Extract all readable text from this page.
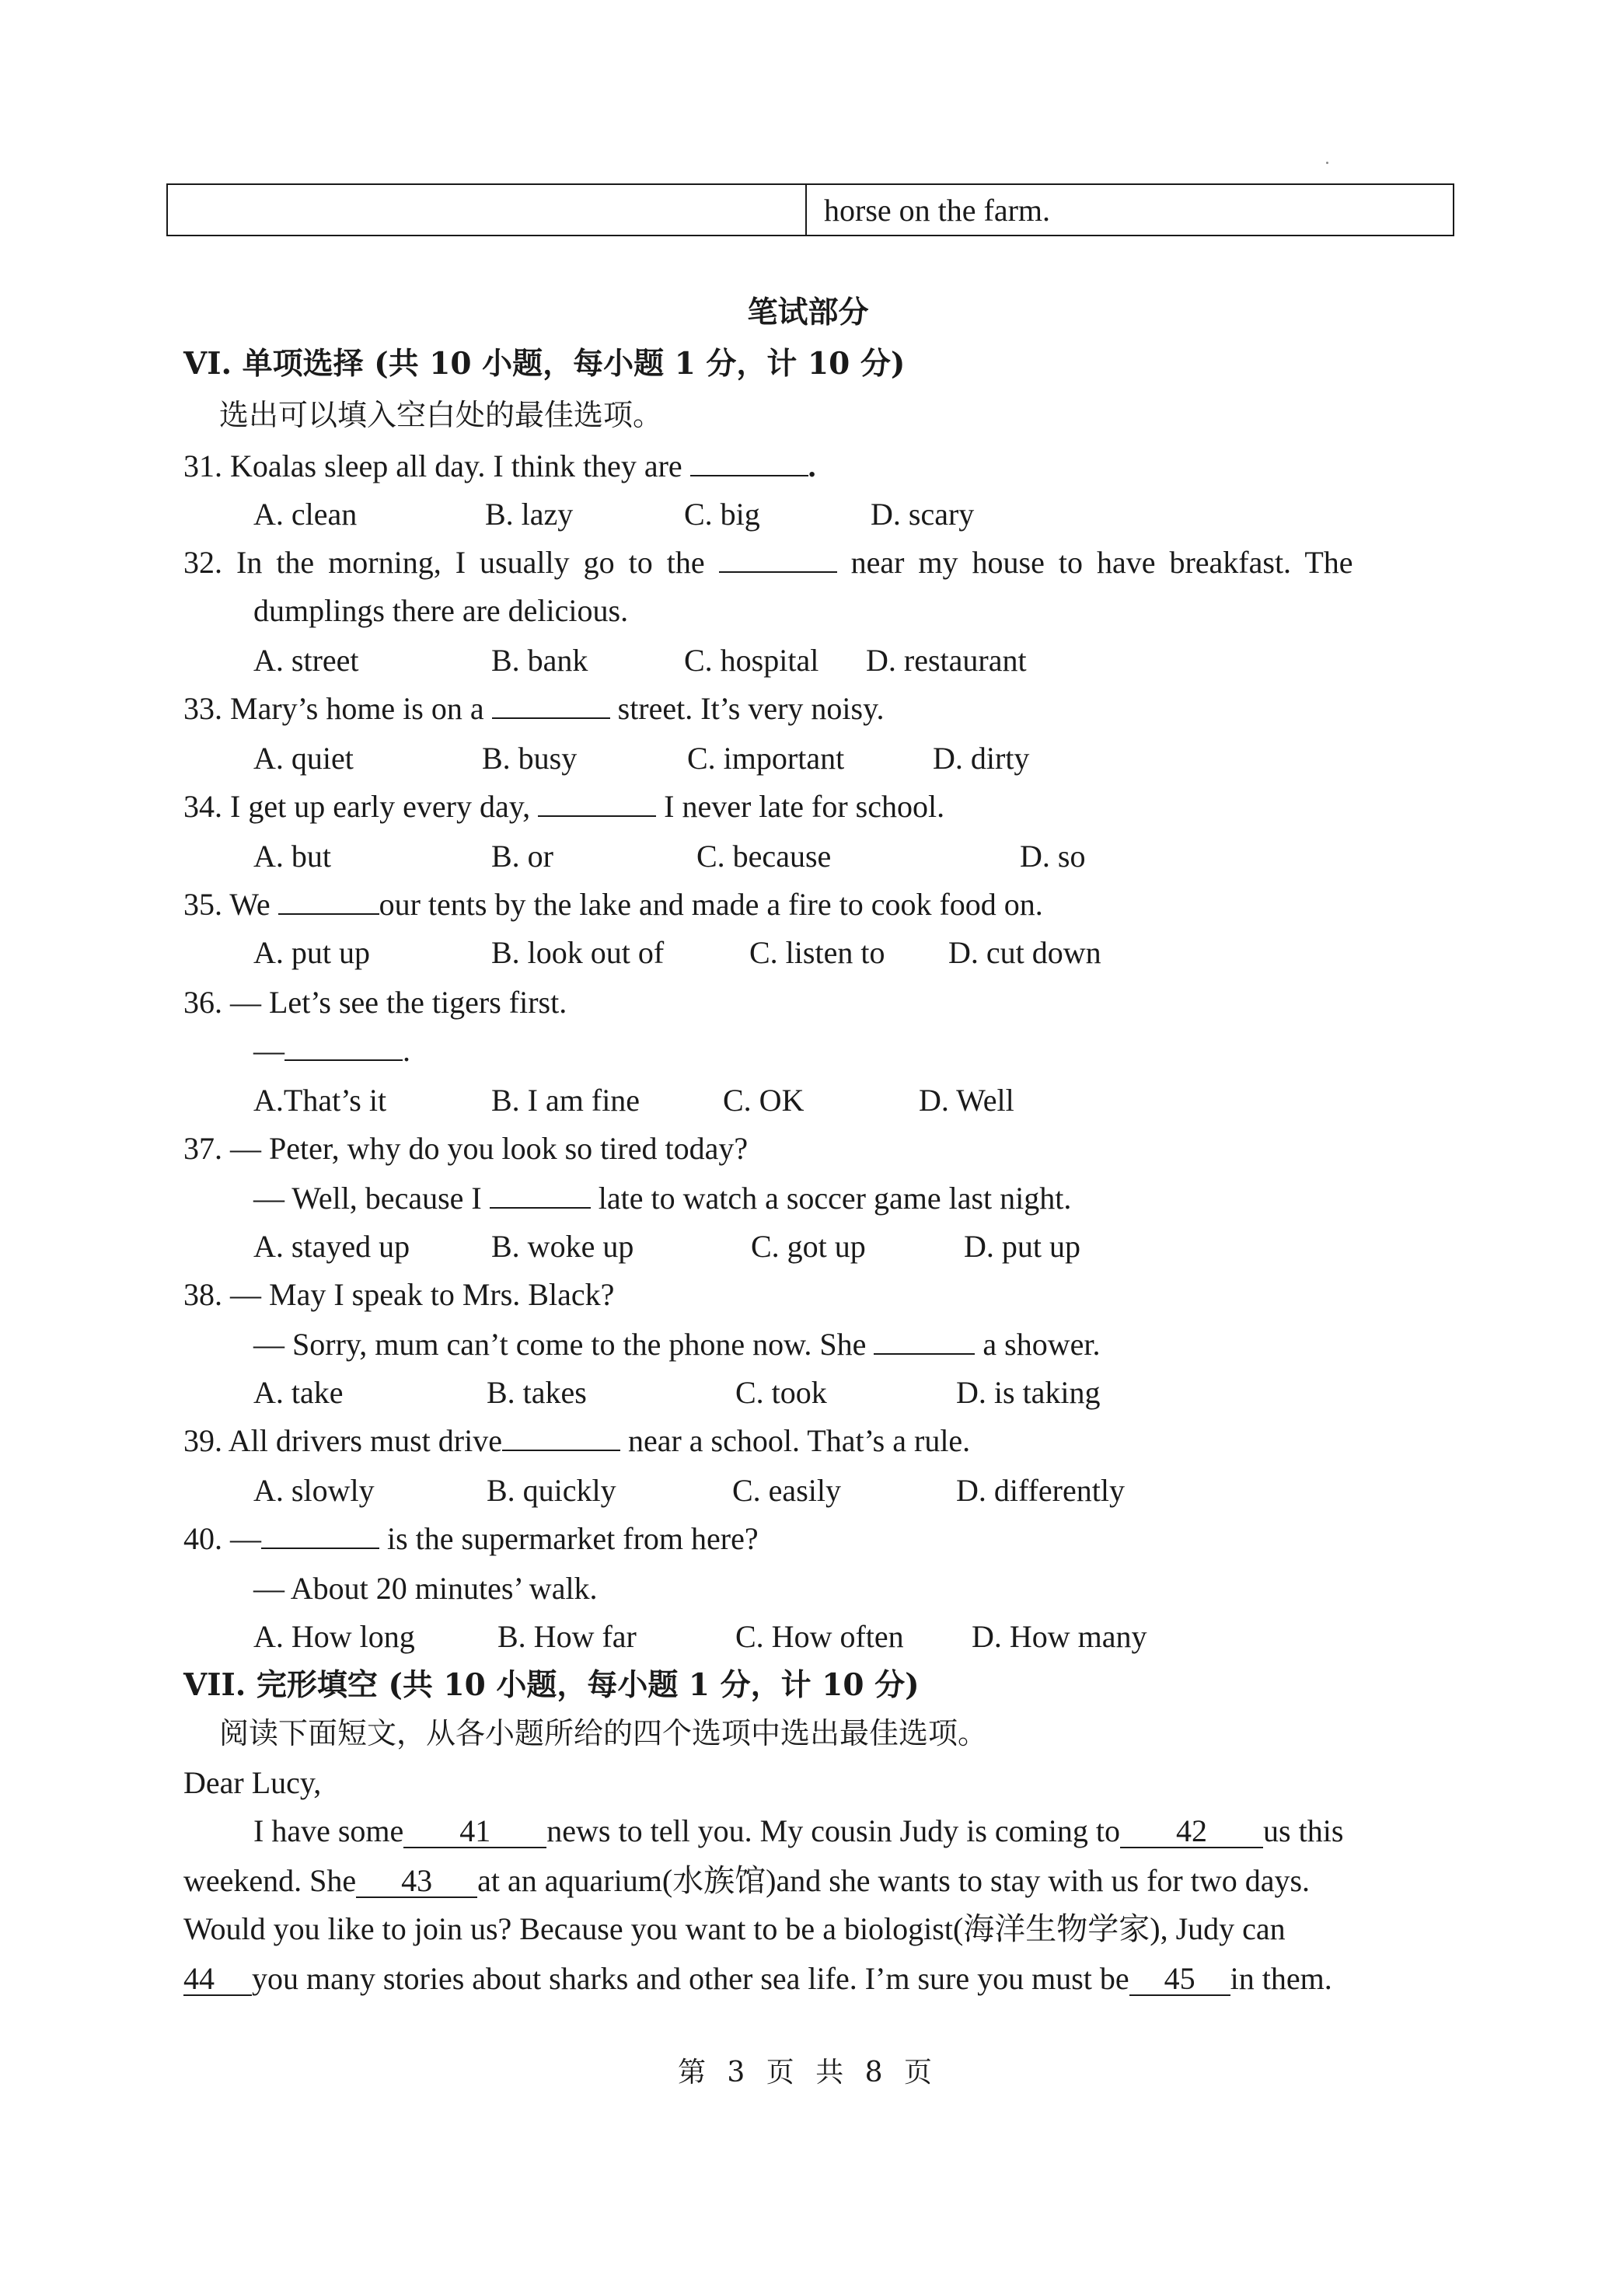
	horse on the farm.
笔试部分
VI. 单项选择 (共 10 小题，每小题 1 分，计 10 分)
选出可以填入空白处的最佳选项。
31. Koalas sleep all day. I think they are	.
A. clean	B. lazy	C. big	D. scary
32. In the morning, I usually go to the	near my house to have breakfast. The
dumplings there are delicious.
A. street	B. bank	C. hospital D. restaurant
33. Mary’s home is on a	street. It’s very noisy.
A. quiet	B. busy	C. important	D. dirty
34. I get up early every day,	I never late for school.
A. but	B. or	C. because	D. so
35. We	our tents by the lake and made a fire to cook food on.
A. put up	B. look out of	C. listen to D. cut down
36. — Let’s see the tigers first.
—	.
A.That’s it	B. I am fine	C. OK	D. Well
37. — Peter, why do you look so tired today?
— Well, because I	late to watch a soccer game last night.
A. stayed up	B. woke up	C. got up	D. put up
38. — May I speak to Mrs. Black?
— Sorry, mum can’t come to the phone now. She	a shower.
A. take	B. takes	C. took	D. is taking
39. All drivers must drive	near a school. That’s a rule.
A. slowly	B. quickly	C. easily	D. differently
40. —	is the supermarket from here?
— About 20 minutes’ walk.
A. How long	B. How far	C. How often D. How many
VII. 完形填空 (共 10 小题，每小题 1 分，计 10 分)
阅读下面短文，从各小题所给的四个选项中选出最佳选项。
Dear Lucy,
I have some 41 news to tell you. My cousin Judy is coming to 42 us this
weekend. She 43 at an aquarium(水族馆)and she wants to stay with us for two days.
Would you like to join us? Because you want to be a biologist(海洋生物学家), Judy can
44 you many stories about sharks and other sea life. I’m sure you must be 45 in them.
第 3 页 共 8 页
